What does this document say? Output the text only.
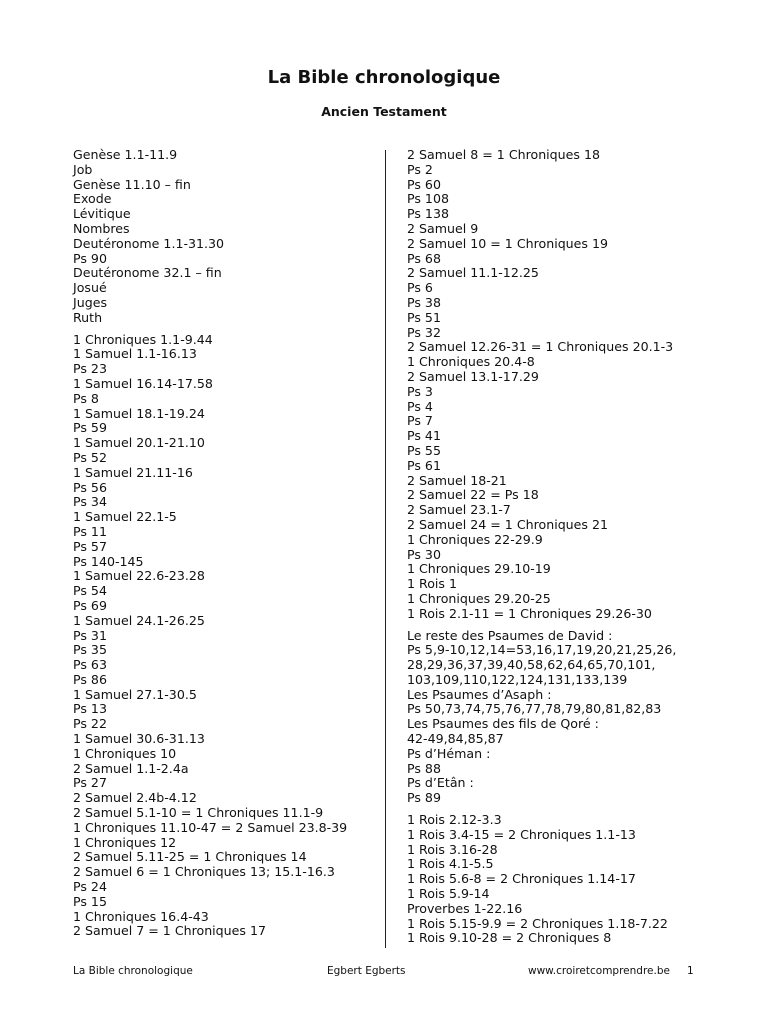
La Bible chronologique
Ancien Testament
Genèse 1.1-11.9
Job
Genèse 11.10 – fin
Exode
Lévitique
Nombres
Deutéronome 1.1-31.30
Ps 90
Deutéronome 32.1 – fin
Josué
Juges
Ruth
1 Chroniques 1.1-9.44
1 Samuel 1.1-16.13
Ps 23
1 Samuel 16.14-17.58
Ps 8
1 Samuel 18.1-19.24
Ps 59
1 Samuel 20.1-21.10
Ps 52
1 Samuel 21.11-16
Ps 56
Ps 34
1 Samuel 22.1-5
Ps 11
Ps 57
Ps 140-145
1 Samuel 22.6-23.28
Ps 54
Ps 69
1 Samuel 24.1-26.25
Ps 31
Ps 35
Ps 63
Ps 86
1 Samuel 27.1-30.5
Ps 13
Ps 22
1 Samuel 30.6-31.13
1 Chroniques 10
2 Samuel 1.1-2.4a
Ps 27
2 Samuel 2.4b-4.12
2 Samuel 5.1-10 = 1 Chroniques 11.1-9
1 Chroniques 11.10-47 = 2 Samuel 23.8-39
1 Chroniques 12
2 Samuel 5.11-25 = 1 Chroniques 14
2 Samuel 6 = 1 Chroniques 13; 15.1-16.3
Ps 24
Ps 15
1 Chroniques 16.4-43
2 Samuel 7 = 1 Chroniques 17
2 Samuel 8 = 1 Chroniques 18
Ps 2
Ps 60
Ps 108
Ps 138
2 Samuel 9
2 Samuel 10 = 1 Chroniques 19
Ps 68
2 Samuel 11.1-12.25
Ps 6
Ps 38
Ps 51
Ps 32
2 Samuel 12.26-31 = 1 Chroniques 20.1-3
1 Chroniques 20.4-8
2 Samuel 13.1-17.29
Ps 3
Ps 4
Ps 7
Ps 41
Ps 55
Ps 61
2 Samuel 18-21
2 Samuel 22 = Ps 18
2 Samuel 23.1-7
2 Samuel 24 = 1 Chroniques 21
1 Chroniques 22-29.9
Ps 30
1 Chroniques 29.10-19
1 Rois 1
1 Chroniques 29.20-25
1 Rois 2.1-11 = 1 Chroniques 29.26-30
Le reste des Psaumes de David :
Ps 5,9-10,12,14=53,16,17,19,20,21,25,26,
28,29,36,37,39,40,58,62,64,65,70,101,
103,109,110,122,124,131,133,139
Les Psaumes d’Asaph :
Ps 50,73,74,75,76,77,78,79,80,81,82,83
Les Psaumes des fils de Qoré :
42-49,84,85,87
Ps d’Héman :
Ps 88
Ps d’Etân :
Ps 89
1 Rois 2.12-3.3
1 Rois 3.4-15 = 2 Chroniques 1.1-13
1 Rois 3.16-28
1 Rois 4.1-5.5
1 Rois 5.6-8 = 2 Chroniques 1.14-17
1 Rois 5.9-14
Proverbes 1-22.16
1 Rois 5.15-9.9 = 2 Chroniques 1.18-7.22
1 Rois 9.10-28 = 2 Chroniques 8
La Bible chronologique	Egbert Egberts	www.croiretcomprendre.be 1
